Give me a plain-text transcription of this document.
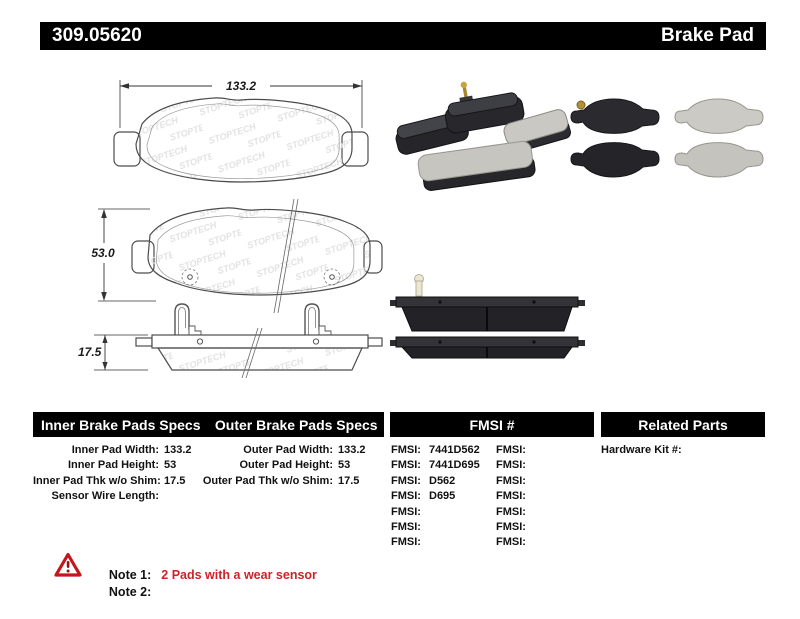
309.05620	Brake Pad
133.2
53.0
17.5
Inner Brake Pads Specs	Outer Brake Pads Specs	FMSI #	Related Parts
Inner Pad Width: 133.2
Inner Pad Height: 53
Inner Pad Thk w/o Shim: 17.5
Sensor Wire Length:
Outer Pad Width: 133.2
Outer Pad Height: 53
Outer Pad Thk w/o Shim: 17.5
FMSI: 7441D562
FMSI: 7441D695
FMSI: D562
FMSI: D695
FMSI:
FMSI:
FMSI:
FMSI:
FMSI:
FMSI:
FMSI:
FMSI:
FMSI:
FMSI:
Hardware Kit #:

Note 1: 2 Pads with a wear sensor

Note 2:
